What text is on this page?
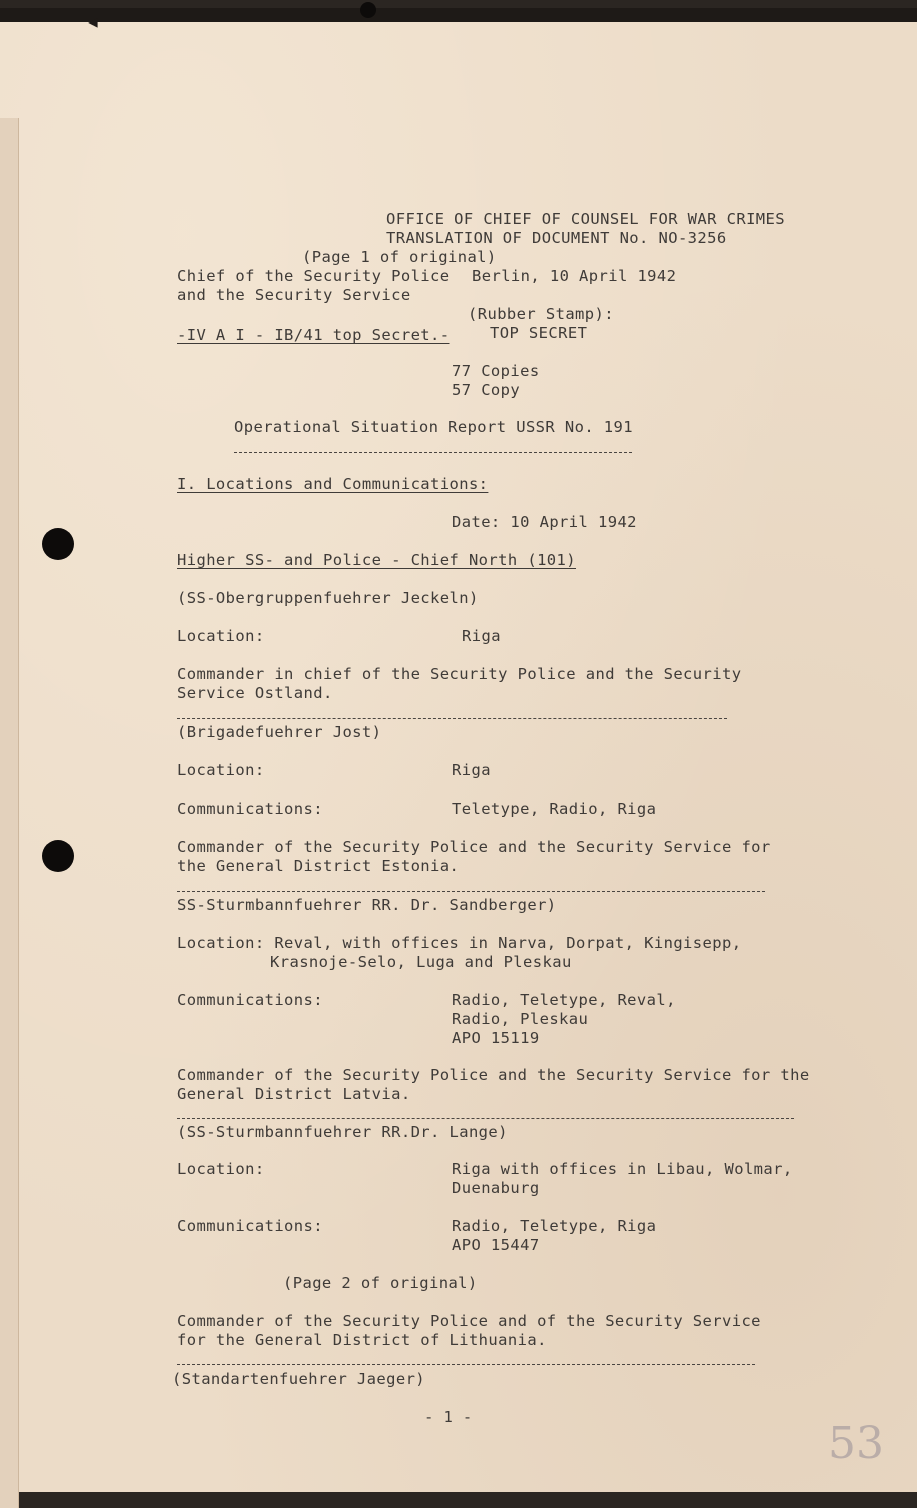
OFFICE OF CHIEF OF COUNSEL FOR WAR CRIMES
TRANSLATION OF DOCUMENT No. NO-3256
(Page 1 of original)
Chief of the Security Police Berlin, 10 April 1942
and the Security Service
(Rubber Stamp):
TOP SECRET
-IV A I - IB/41 top Secret.-
77 Copies
57 Copy
Operational Situation Report USSR No. 191
I. Locations and Communications:
Date: 10 April 1942
Higher SS- and Police - Chief North (101)
(SS-Obergruppenfuehrer Jeckeln)
Location:	Riga
Commander in chief of the Security Police and the Security
Service Ostland.
(Brigadefuehrer Jost)
Location:	Riga
Communications:	Teletype, Radio, Riga
Commander of the Security Police and the Security Service for
the General District Estonia.
SS-Sturmbannfuehrer RR. Dr. Sandberger)
Location: Reval, with offices in Narva, Dorpat, Kingisepp,
Krasnoje-Selo, Luga and Pleskau
Communications:	Radio, Teletype, Reval,
Radio, Pleskau
APO 15119
Commander of the Security Police and the Security Service for the
General District Latvia.
(SS-Sturmbannfuehrer RR.Dr. Lange)
Location:	Riga with offices in Libau, Wolmar,
Duenaburg
Communications:	Radio, Teletype, Riga
APO 15447
(Page 2 of original)
Commander of the Security Police and of the Security Service
for the General District of Lithuania.
(Standartenfuehrer Jaeger)
- 1 -
53
◀
